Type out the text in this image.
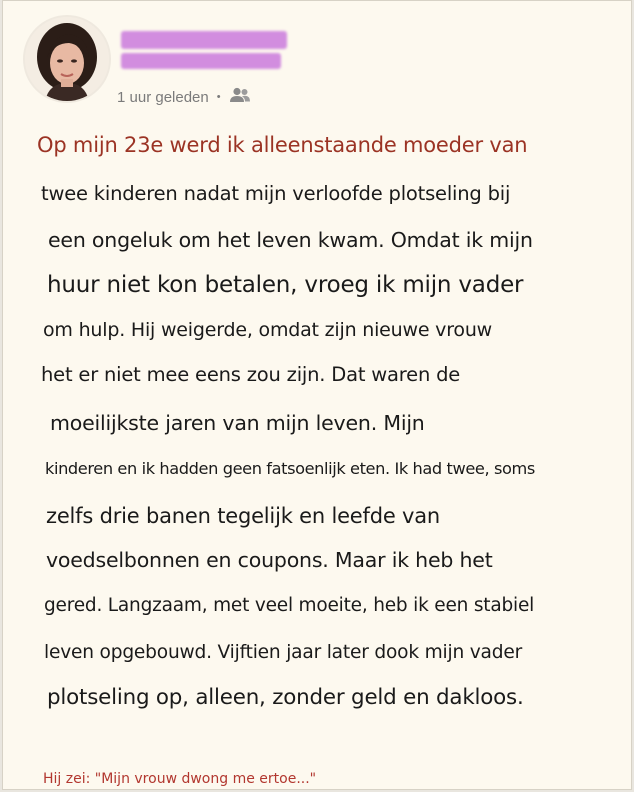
1 uur geleden •
Op mijn 23e werd ik alleenstaande moeder van
twee kinderen nadat mijn verloofde plotseling bij
een ongeluk om het leven kwam. Omdat ik mijn
huur niet kon betalen, vroeg ik mijn vader
om hulp. Hij weigerde, omdat zijn nieuwe vrouw
het er niet mee eens zou zijn. Dat waren de
moeilijkste jaren van mijn leven. Mijn
kinderen en ik hadden geen fatsoenlijk eten. Ik had twee, soms
zelfs drie banen tegelijk en leefde van
voedselbonnen en coupons. Maar ik heb het
gered. Langzaam, met veel moeite, heb ik een stabiel
leven opgebouwd. Vijftien jaar later dook mijn vader
plotseling op, alleen, zonder geld en dakloos.
Hij zei: "Mijn vrouw dwong me ertoe..."
